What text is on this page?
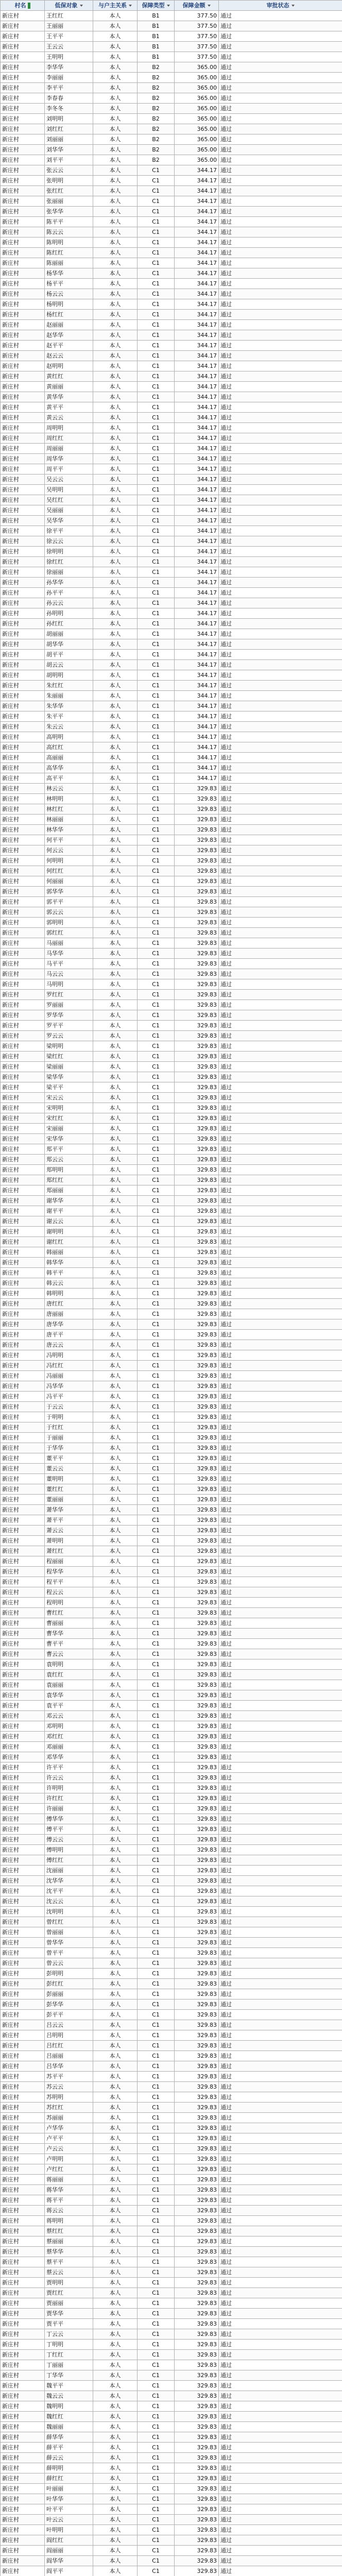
村名	低保对象	与户主关系	保障类型	保障金额	审批状态
新庄村	王红红	本人	B1	377.50	通过
新庄村	王丽丽	本人	B1	377.50	通过
新庄村	王平平	本人	B1	377.50	通过
新庄村	王云云	本人	B1	377.50	通过
新庄村	王明明	本人	B1	377.50	通过
新庄村	李华华	本人	B2	365.00	通过
新庄村	李丽丽	本人	B2	365.00	通过
新庄村	李平平	本人	B2	365.00	通过
新庄村	李春春	本人	B2	365.00	通过
新庄村	李冬冬	本人	B2	365.00	通过
新庄村	刘明明	本人	B2	365.00	通过
新庄村	刘红红	本人	B2	365.00	通过
新庄村	刘丽丽	本人	B2	365.00	通过
新庄村	刘华华	本人	B2	365.00	通过
新庄村	刘平平	本人	B2	365.00	通过
新庄村	张云云	本人	C1	344.17	通过
新庄村	张明明	本人	C1	344.17	通过
新庄村	张红红	本人	C1	344.17	通过
新庄村	张丽丽	本人	C1	344.17	通过
新庄村	张华华	本人	C1	344.17	通过
新庄村	陈平平	本人	C1	344.17	通过
新庄村	陈云云	本人	C1	344.17	通过
新庄村	陈明明	本人	C1	344.17	通过
新庄村	陈红红	本人	C1	344.17	通过
新庄村	陈丽丽	本人	C1	344.17	通过
新庄村	杨华华	本人	C1	344.17	通过
新庄村	杨平平	本人	C1	344.17	通过
新庄村	杨云云	本人	C1	344.17	通过
新庄村	杨明明	本人	C1	344.17	通过
新庄村	杨红红	本人	C1	344.17	通过
新庄村	赵丽丽	本人	C1	344.17	通过
新庄村	赵华华	本人	C1	344.17	通过
新庄村	赵平平	本人	C1	344.17	通过
新庄村	赵云云	本人	C1	344.17	通过
新庄村	赵明明	本人	C1	344.17	通过
新庄村	黄红红	本人	C1	344.17	通过
新庄村	黄丽丽	本人	C1	344.17	通过
新庄村	黄华华	本人	C1	344.17	通过
新庄村	黄平平	本人	C1	344.17	通过
新庄村	黄云云	本人	C1	344.17	通过
新庄村	周明明	本人	C1	344.17	通过
新庄村	周红红	本人	C1	344.17	通过
新庄村	周丽丽	本人	C1	344.17	通过
新庄村	周华华	本人	C1	344.17	通过
新庄村	周平平	本人	C1	344.17	通过
新庄村	吴云云	本人	C1	344.17	通过
新庄村	吴明明	本人	C1	344.17	通过
新庄村	吴红红	本人	C1	344.17	通过
新庄村	吴丽丽	本人	C1	344.17	通过
新庄村	吴华华	本人	C1	344.17	通过
新庄村	徐平平	本人	C1	344.17	通过
新庄村	徐云云	本人	C1	344.17	通过
新庄村	徐明明	本人	C1	344.17	通过
新庄村	徐红红	本人	C1	344.17	通过
新庄村	徐丽丽	本人	C1	344.17	通过
新庄村	孙华华	本人	C1	344.17	通过
新庄村	孙平平	本人	C1	344.17	通过
新庄村	孙云云	本人	C1	344.17	通过
新庄村	孙明明	本人	C1	344.17	通过
新庄村	孙红红	本人	C1	344.17	通过
新庄村	胡丽丽	本人	C1	344.17	通过
新庄村	胡华华	本人	C1	344.17	通过
新庄村	胡平平	本人	C1	344.17	通过
新庄村	胡云云	本人	C1	344.17	通过
新庄村	胡明明	本人	C1	344.17	通过
新庄村	朱红红	本人	C1	344.17	通过
新庄村	朱丽丽	本人	C1	344.17	通过
新庄村	朱华华	本人	C1	344.17	通过
新庄村	朱平平	本人	C1	344.17	通过
新庄村	朱云云	本人	C1	344.17	通过
新庄村	高明明	本人	C1	344.17	通过
新庄村	高红红	本人	C1	344.17	通过
新庄村	高丽丽	本人	C1	344.17	通过
新庄村	高华华	本人	C1	344.17	通过
新庄村	高平平	本人	C1	344.17	通过
新庄村	林云云	本人	C1	329.83	通过
新庄村	林明明	本人	C1	329.83	通过
新庄村	林红红	本人	C1	329.83	通过
新庄村	林丽丽	本人	C1	329.83	通过
新庄村	林华华	本人	C1	329.83	通过
新庄村	何平平	本人	C1	329.83	通过
新庄村	何云云	本人	C1	329.83	通过
新庄村	何明明	本人	C1	329.83	通过
新庄村	何红红	本人	C1	329.83	通过
新庄村	何丽丽	本人	C1	329.83	通过
新庄村	郭华华	本人	C1	329.83	通过
新庄村	郭平平	本人	C1	329.83	通过
新庄村	郭云云	本人	C1	329.83	通过
新庄村	郭明明	本人	C1	329.83	通过
新庄村	郭红红	本人	C1	329.83	通过
新庄村	马丽丽	本人	C1	329.83	通过
新庄村	马华华	本人	C1	329.83	通过
新庄村	马平平	本人	C1	329.83	通过
新庄村	马云云	本人	C1	329.83	通过
新庄村	马明明	本人	C1	329.83	通过
新庄村	罗红红	本人	C1	329.83	通过
新庄村	罗丽丽	本人	C1	329.83	通过
新庄村	罗华华	本人	C1	329.83	通过
新庄村	罗平平	本人	C1	329.83	通过
新庄村	罗云云	本人	C1	329.83	通过
新庄村	梁明明	本人	C1	329.83	通过
新庄村	梁红红	本人	C1	329.83	通过
新庄村	梁丽丽	本人	C1	329.83	通过
新庄村	梁华华	本人	C1	329.83	通过
新庄村	梁平平	本人	C1	329.83	通过
新庄村	宋云云	本人	C1	329.83	通过
新庄村	宋明明	本人	C1	329.83	通过
新庄村	宋红红	本人	C1	329.83	通过
新庄村	宋丽丽	本人	C1	329.83	通过
新庄村	宋华华	本人	C1	329.83	通过
新庄村	郑平平	本人	C1	329.83	通过
新庄村	郑云云	本人	C1	329.83	通过
新庄村	郑明明	本人	C1	329.83	通过
新庄村	郑红红	本人	C1	329.83	通过
新庄村	郑丽丽	本人	C1	329.83	通过
新庄村	谢华华	本人	C1	329.83	通过
新庄村	谢平平	本人	C1	329.83	通过
新庄村	谢云云	本人	C1	329.83	通过
新庄村	谢明明	本人	C1	329.83	通过
新庄村	谢红红	本人	C1	329.83	通过
新庄村	韩丽丽	本人	C1	329.83	通过
新庄村	韩华华	本人	C1	329.83	通过
新庄村	韩平平	本人	C1	329.83	通过
新庄村	韩云云	本人	C1	329.83	通过
新庄村	韩明明	本人	C1	329.83	通过
新庄村	唐红红	本人	C1	329.83	通过
新庄村	唐丽丽	本人	C1	329.83	通过
新庄村	唐华华	本人	C1	329.83	通过
新庄村	唐平平	本人	C1	329.83	通过
新庄村	唐云云	本人	C1	329.83	通过
新庄村	冯明明	本人	C1	329.83	通过
新庄村	冯红红	本人	C1	329.83	通过
新庄村	冯丽丽	本人	C1	329.83	通过
新庄村	冯华华	本人	C1	329.83	通过
新庄村	冯平平	本人	C1	329.83	通过
新庄村	于云云	本人	C1	329.83	通过
新庄村	于明明	本人	C1	329.83	通过
新庄村	于红红	本人	C1	329.83	通过
新庄村	于丽丽	本人	C1	329.83	通过
新庄村	于华华	本人	C1	329.83	通过
新庄村	董平平	本人	C1	329.83	通过
新庄村	董云云	本人	C1	329.83	通过
新庄村	董明明	本人	C1	329.83	通过
新庄村	董红红	本人	C1	329.83	通过
新庄村	董丽丽	本人	C1	329.83	通过
新庄村	萧华华	本人	C1	329.83	通过
新庄村	萧平平	本人	C1	329.83	通过
新庄村	萧云云	本人	C1	329.83	通过
新庄村	萧明明	本人	C1	329.83	通过
新庄村	萧红红	本人	C1	329.83	通过
新庄村	程丽丽	本人	C1	329.83	通过
新庄村	程华华	本人	C1	329.83	通过
新庄村	程平平	本人	C1	329.83	通过
新庄村	程云云	本人	C1	329.83	通过
新庄村	程明明	本人	C1	329.83	通过
新庄村	曹红红	本人	C1	329.83	通过
新庄村	曹丽丽	本人	C1	329.83	通过
新庄村	曹华华	本人	C1	329.83	通过
新庄村	曹平平	本人	C1	329.83	通过
新庄村	曹云云	本人	C1	329.83	通过
新庄村	袁明明	本人	C1	329.83	通过
新庄村	袁红红	本人	C1	329.83	通过
新庄村	袁丽丽	本人	C1	329.83	通过
新庄村	袁华华	本人	C1	329.83	通过
新庄村	袁平平	本人	C1	329.83	通过
新庄村	邓云云	本人	C1	329.83	通过
新庄村	邓明明	本人	C1	329.83	通过
新庄村	邓红红	本人	C1	329.83	通过
新庄村	邓丽丽	本人	C1	329.83	通过
新庄村	邓华华	本人	C1	329.83	通过
新庄村	许平平	本人	C1	329.83	通过
新庄村	许云云	本人	C1	329.83	通过
新庄村	许明明	本人	C1	329.83	通过
新庄村	许红红	本人	C1	329.83	通过
新庄村	许丽丽	本人	C1	329.83	通过
新庄村	傅华华	本人	C1	329.83	通过
新庄村	傅平平	本人	C1	329.83	通过
新庄村	傅云云	本人	C1	329.83	通过
新庄村	傅明明	本人	C1	329.83	通过
新庄村	傅红红	本人	C1	329.83	通过
新庄村	沈丽丽	本人	C1	329.83	通过
新庄村	沈华华	本人	C1	329.83	通过
新庄村	沈平平	本人	C1	329.83	通过
新庄村	沈云云	本人	C1	329.83	通过
新庄村	沈明明	本人	C1	329.83	通过
新庄村	曾红红	本人	C1	329.83	通过
新庄村	曾丽丽	本人	C1	329.83	通过
新庄村	曾华华	本人	C1	329.83	通过
新庄村	曾平平	本人	C1	329.83	通过
新庄村	曾云云	本人	C1	329.83	通过
新庄村	彭明明	本人	C1	329.83	通过
新庄村	彭红红	本人	C1	329.83	通过
新庄村	彭丽丽	本人	C1	329.83	通过
新庄村	彭华华	本人	C1	329.83	通过
新庄村	彭平平	本人	C1	329.83	通过
新庄村	吕云云	本人	C1	329.83	通过
新庄村	吕明明	本人	C1	329.83	通过
新庄村	吕红红	本人	C1	329.83	通过
新庄村	吕丽丽	本人	C1	329.83	通过
新庄村	吕华华	本人	C1	329.83	通过
新庄村	苏平平	本人	C1	329.83	通过
新庄村	苏云云	本人	C1	329.83	通过
新庄村	苏明明	本人	C1	329.83	通过
新庄村	苏红红	本人	C1	329.83	通过
新庄村	苏丽丽	本人	C1	329.83	通过
新庄村	卢华华	本人	C1	329.83	通过
新庄村	卢平平	本人	C1	329.83	通过
新庄村	卢云云	本人	C1	329.83	通过
新庄村	卢明明	本人	C1	329.83	通过
新庄村	卢红红	本人	C1	329.83	通过
新庄村	蒋丽丽	本人	C1	329.83	通过
新庄村	蒋华华	本人	C1	329.83	通过
新庄村	蒋平平	本人	C1	329.83	通过
新庄村	蒋云云	本人	C1	329.83	通过
新庄村	蒋明明	本人	C1	329.83	通过
新庄村	蔡红红	本人	C1	329.83	通过
新庄村	蔡丽丽	本人	C1	329.83	通过
新庄村	蔡华华	本人	C1	329.83	通过
新庄村	蔡平平	本人	C1	329.83	通过
新庄村	蔡云云	本人	C1	329.83	通过
新庄村	贾明明	本人	C1	329.83	通过
新庄村	贾红红	本人	C1	329.83	通过
新庄村	贾丽丽	本人	C1	329.83	通过
新庄村	贾华华	本人	C1	329.83	通过
新庄村	贾平平	本人	C1	329.83	通过
新庄村	丁云云	本人	C1	329.83	通过
新庄村	丁明明	本人	C1	329.83	通过
新庄村	丁红红	本人	C1	329.83	通过
新庄村	丁丽丽	本人	C1	329.83	通过
新庄村	丁华华	本人	C1	329.83	通过
新庄村	魏平平	本人	C1	329.83	通过
新庄村	魏云云	本人	C1	329.83	通过
新庄村	魏明明	本人	C1	329.83	通过
新庄村	魏红红	本人	C1	329.83	通过
新庄村	魏丽丽	本人	C1	329.83	通过
新庄村	薛华华	本人	C1	329.83	通过
新庄村	薛平平	本人	C1	329.83	通过
新庄村	薛云云	本人	C1	329.83	通过
新庄村	薛明明	本人	C1	329.83	通过
新庄村	薛红红	本人	C1	329.83	通过
新庄村	叶丽丽	本人	C1	329.83	通过
新庄村	叶华华	本人	C1	329.83	通过
新庄村	叶平平	本人	C1	329.83	通过
新庄村	叶云云	本人	C1	329.83	通过
新庄村	叶明明	本人	C1	329.83	通过
新庄村	阎红红	本人	C1	329.83	通过
新庄村	阎丽丽	本人	C1	329.83	通过
新庄村	阎华华	本人	C1	329.83	通过
新庄村	阎平平	本人	C1	329.83	通过
